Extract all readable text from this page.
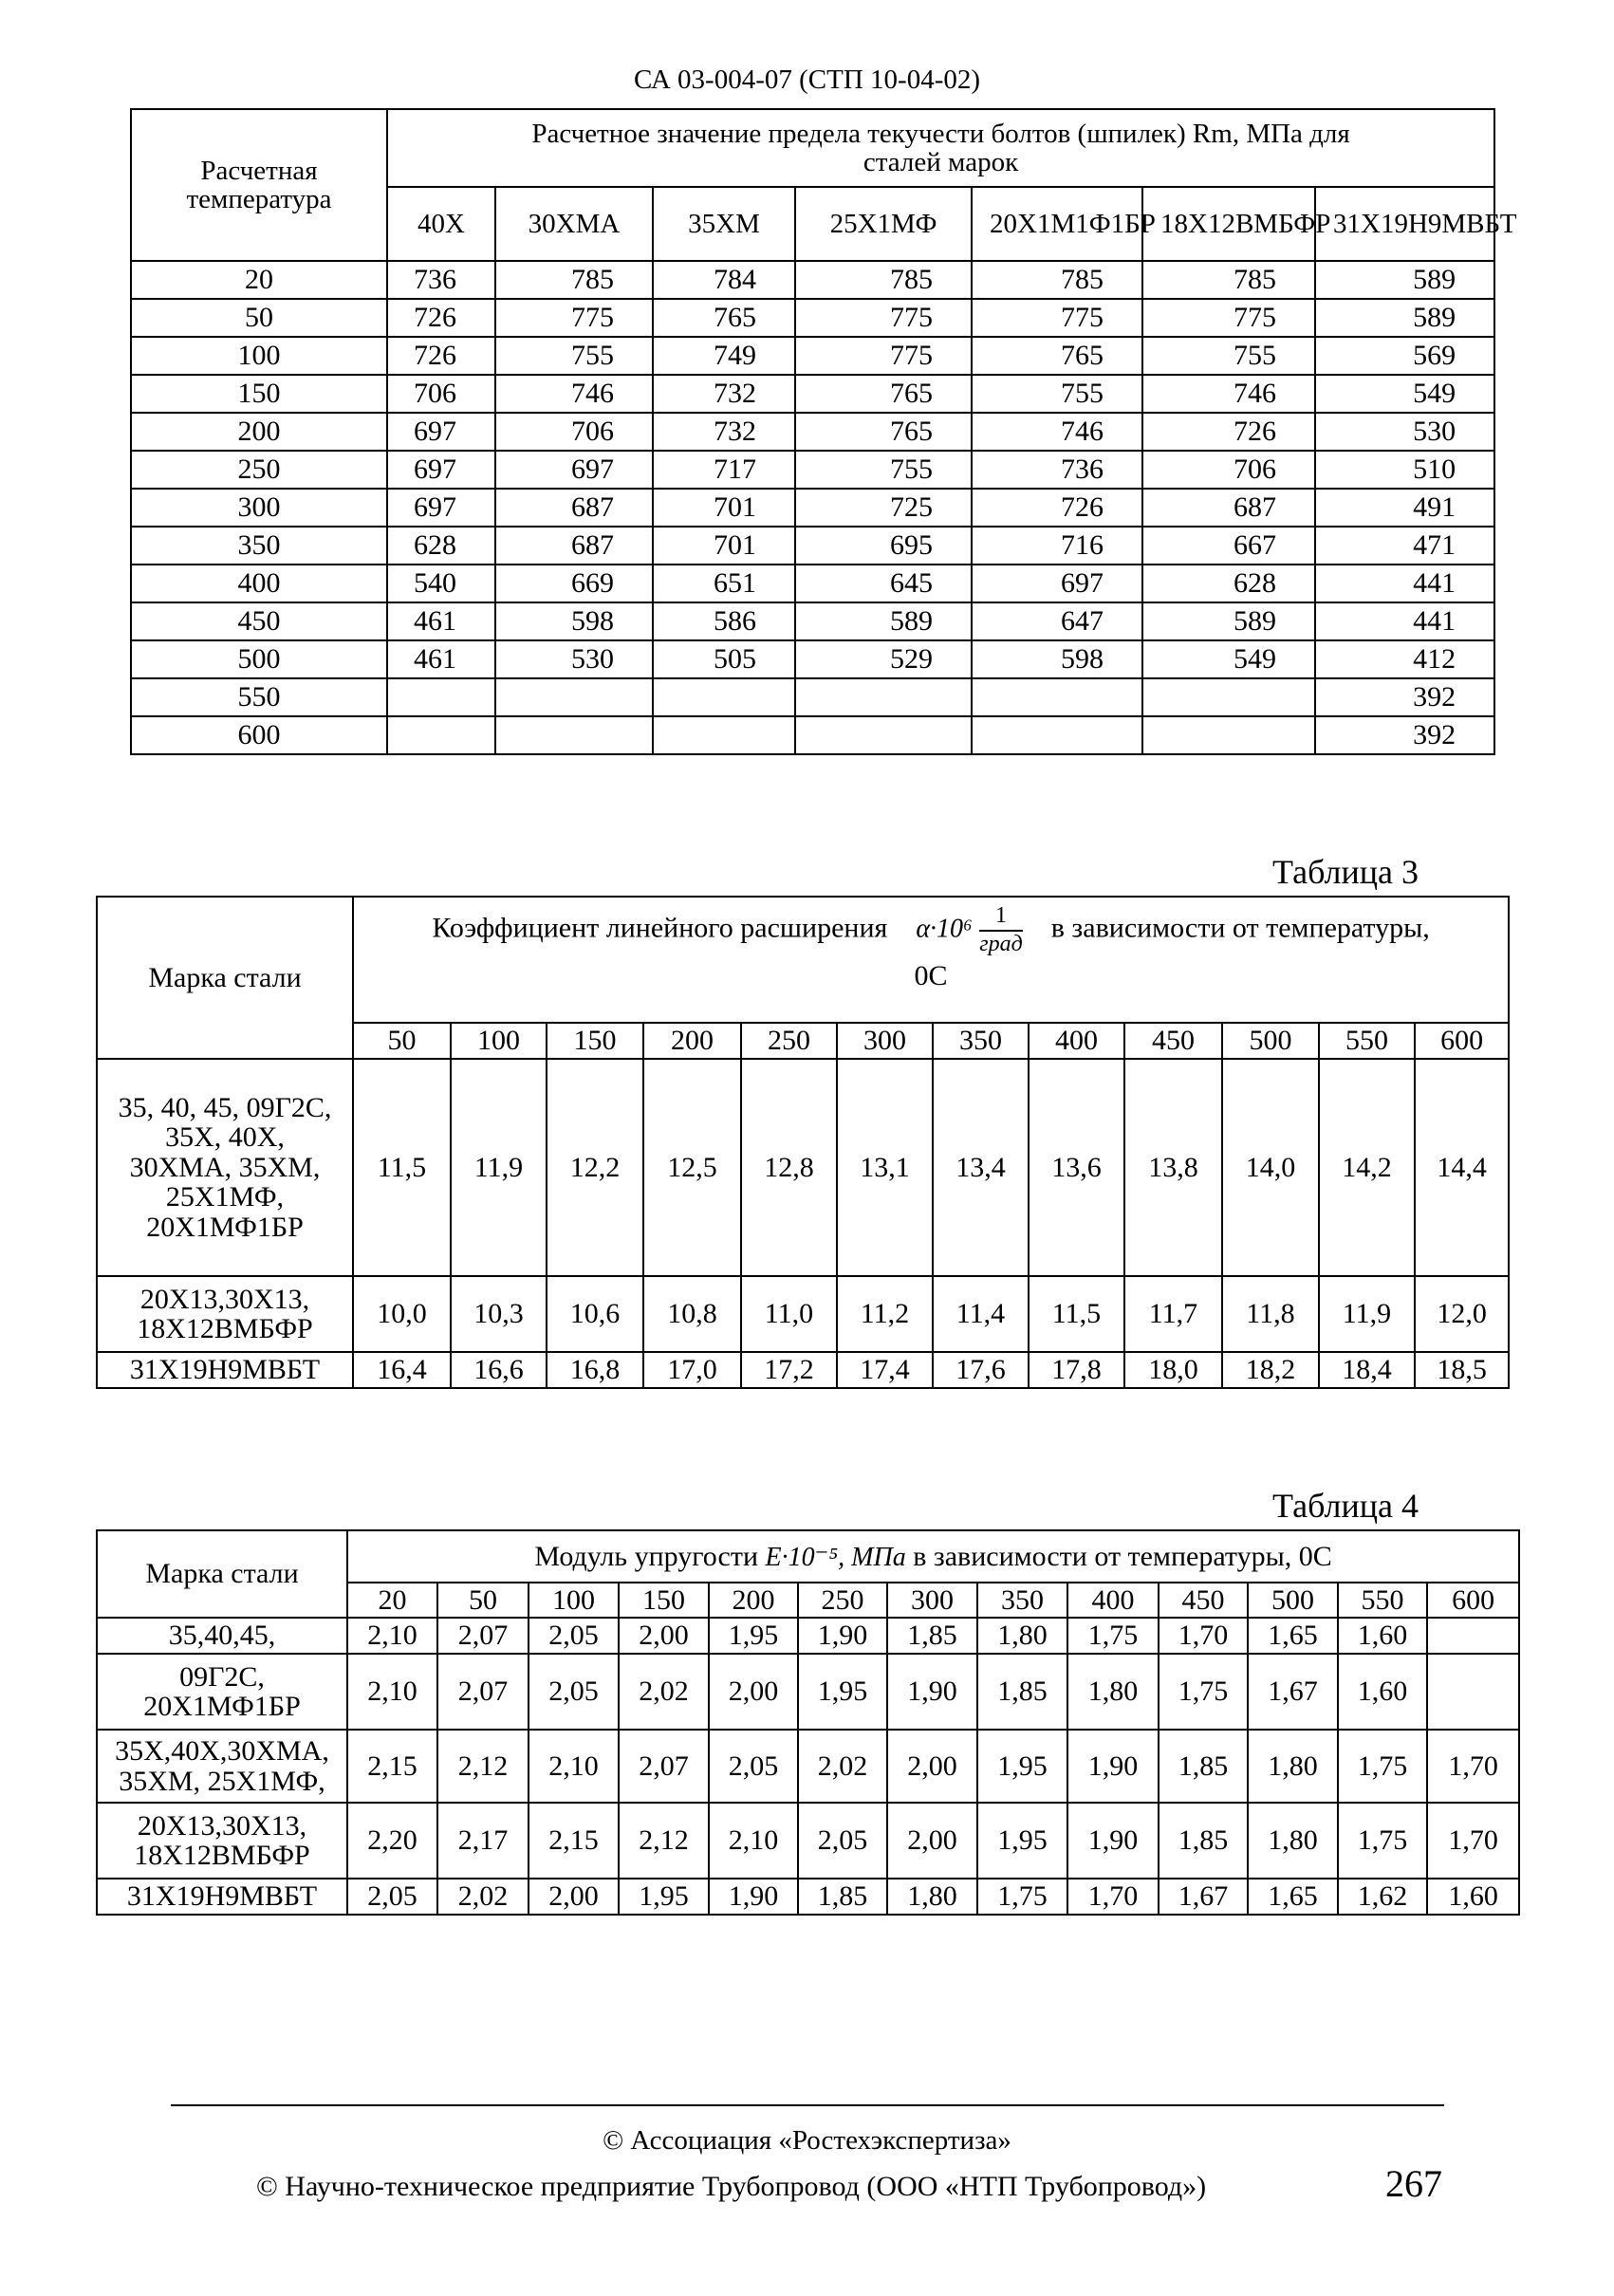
СА 03-004-07 (СТП 10-04-02)
Расчетная температура	Расчетное значение предела текучести болтов (шпилек) Rm, МПа для сталей марок						
	40Х	30ХМА	35ХМ	25Х1МФ	20Х1М1Ф1БР	18Х12ВМБФР	31Х19Н9МВБТ
20	736	785	784	785	785	785	589
50	726	775	765	775	775	775	589
100	726	755	749	775	765	755	569
150	706	746	732	765	755	746	549
200	697	706	732	765	746	726	530
250	697	697	717	755	736	706	510
300	697	687	701	725	726	687	491
350	628	687	701	695	716	667	471
400	540	669	651	645	697	628	441
450	461	598	586	589	647	589	441
500	461	530	505	529	598	549	412
550							392
600							392
Таблица 3
Марка стали	Коэффициент линейного расширения $\alpha\cdot 10^6 \frac{1}{\text{град}}$ в зависимости от температуры,
0С											

	50	100	150	200	250	300	350	400	450	500	550	600
35, 40, 45, 09Г2С, 35Х, 40Х, 30ХМА, 35ХМ, 25Х1МФ, 20Х1МФ1БР	11,5	11,9	12,2	12,5	12,8	13,1	13,4	13,6	13,8	14,0	14,2	14,4
20Х13,30Х13, 18Х12ВМБФР	10,0	10,3	10,6	10,8	11,0	11,2	11,4	11,5	11,7	11,8	11,9	12,0
31Х19Н9МВБТ	16,4	16,6	16,8	17,0	17,2	17,4	17,6	17,8	18,0	18,2	18,4	18,5
Таблица 4
Марка стали	Модуль упругости E·10⁻⁵, МПа в зависимости от температуры, 0С												
	20	50	100	150	200	250	300	350	400	450	500	550	600
35,40,45,	2,10	2,07	2,05	2,00	1,95	1,90	1,85	1,80	1,75	1,70	1,65	1,60	
09Г2С, 20Х1МФ1БР	2,10	2,07	2,05	2,02	2,00	1,95	1,90	1,85	1,80	1,75	1,67	1,60	
35Х,40Х,30ХМА, 35ХМ, 25Х1МФ,	2,15	2,12	2,10	2,07	2,05	2,02	2,00	1,95	1,90	1,85	1,80	1,75	1,70
20Х13,30Х13, 18Х12ВМБФР	2,20	2,17	2,15	2,12	2,10	2,05	2,00	1,95	1,90	1,85	1,80	1,75	1,70
31Х19Н9МВБТ	2,05	2,02	2,00	1,95	1,90	1,85	1,80	1,75	1,70	1,67	1,65	1,62	1,60
© Ассоциация «Ростехэкспертиза»
© Научно-техническое предприятие Трубопровод (ООО «НТП Трубопровод»)	267
